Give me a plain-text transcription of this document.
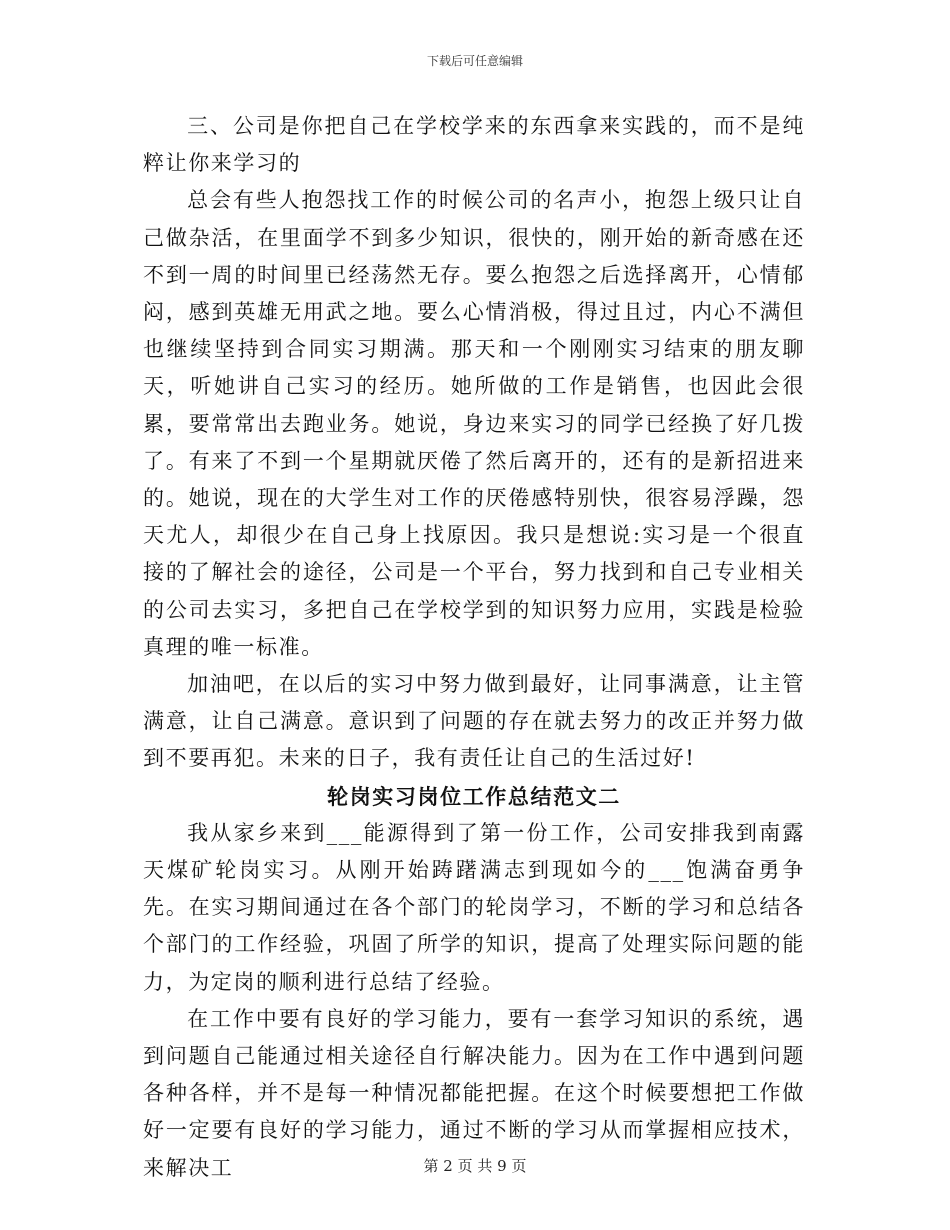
下载后可任意编辑

三、公司是你把自己在学校学来的东西拿来实践的，而不是纯粹让你来学习的

总会有些人抱怨找工作的时候公司的名声小，抱怨上级只让自己做杂活，在里面学不到多少知识，很快的，刚开始的新奇感在还不到一周的时间里已经荡然无存。要么抱怨之后选择离开，心情郁闷，感到英雄无用武之地。要么心情消极，得过且过，内心不满但也继续坚持到合同实习期满。那天和一个刚刚实习结束的朋友聊天，听她讲自己实习的经历。她所做的工作是销售，也因此会很累，要常常出去跑业务。她说，身边来实习的同学已经换了好几拨了。有来了不到一个星期就厌倦了然后离开的，还有的是新招进来的。她说，现在的大学生对工作的厌倦感特别快，很容易浮躁，怨天尤人，却很少在自己身上找原因。我只是想说:实习是一个很直接的了解社会的途径，公司是一个平台，努力找到和自己专业相关的公司去实习，多把自己在学校学到的知识努力应用，实践是检验真理的唯一标准。

加油吧，在以后的实习中努力做到最好，让同事满意，让主管满意，让自己满意。意识到了问题的存在就去努力的改正并努力做到不要再犯。未来的日子，我有责任让自己的生活过好!

轮岗实习岗位工作总结范文二

我从家乡来到___能源得到了第一份工作，公司安排我到南露天煤矿轮岗实习。从刚开始踌躇满志到现如今的___饱满奋勇争先。在实习期间通过在各个部门的轮岗学习，不断的学习和总结各个部门的工作经验，巩固了所学的知识，提高了处理实际问题的能力，为定岗的顺利进行总结了经验。

在工作中要有良好的学习能力，要有一套学习知识的系统，遇到问题自己能通过相关途径自行解决能力。因为在工作中遇到问题各种各样，并不是每一种情况都能把握。在这个时候要想把工作做好一定要有良好的学习能力，通过不断的学习从而掌握相应技术，来解决工	第 2 页 共 9 页
